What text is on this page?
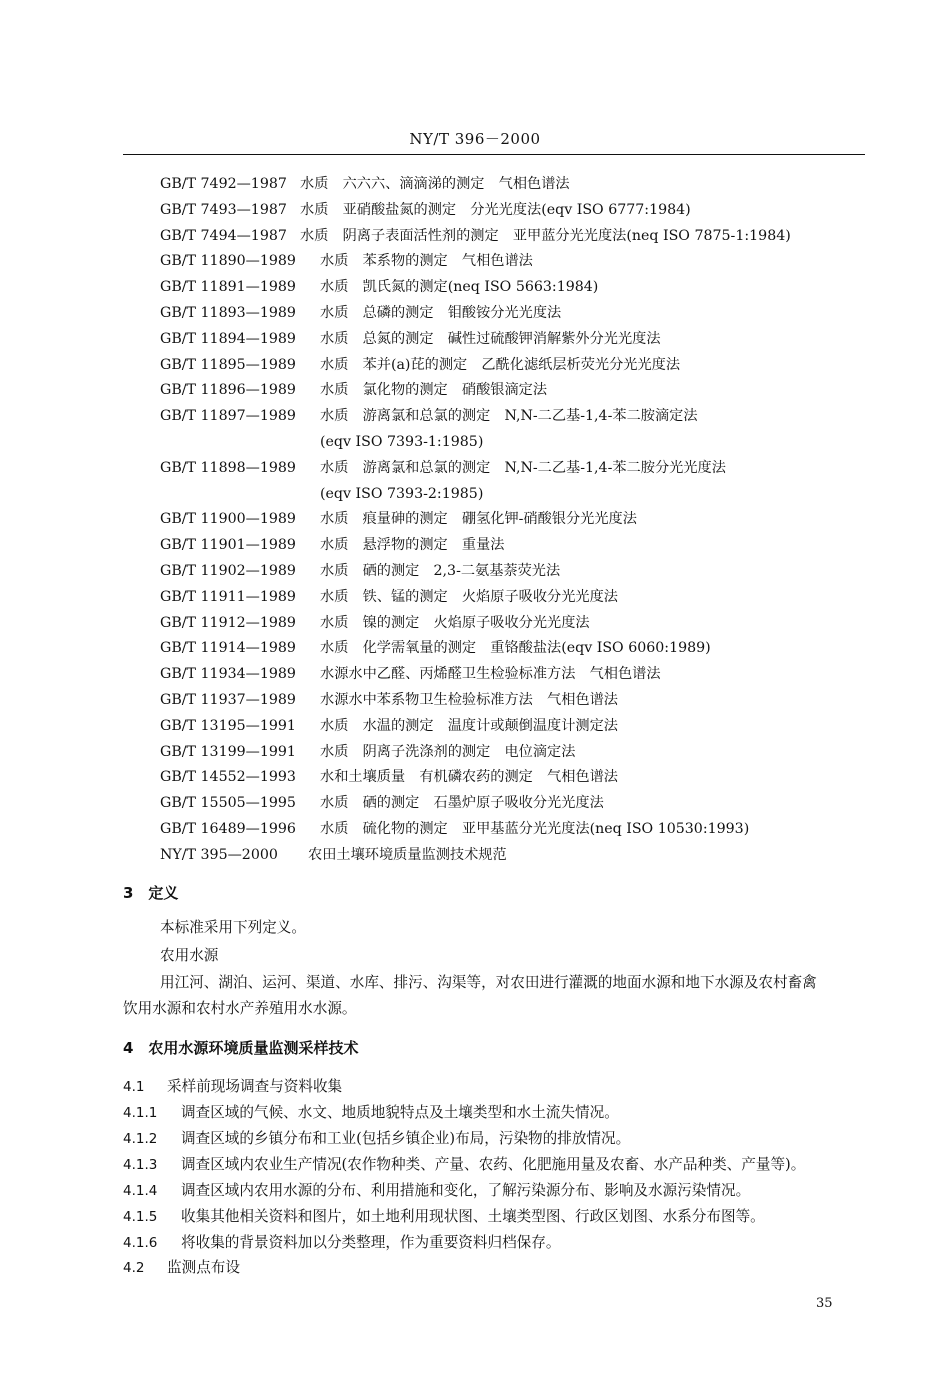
NY/T 396－2000
GB/T 7492—1987 水质　六六六、滴滴涕的测定　气相色谱法
GB/T 7493—1987 水质　亚硝酸盐氮的测定　分光光度法(eqv ISO 6777:1984)
GB/T 7494—1987 水质　阴离子表面活性剂的测定　亚甲蓝分光光度法(neq ISO 7875-1:1984)
GB/T 11890—1989 水质　苯系物的测定　气相色谱法
GB/T 11891—1989 水质　凯氏氮的测定(neq ISO 5663:1984)
GB/T 11893—1989 水质　总磷的测定　钼酸铵分光光度法
GB/T 11894—1989 水质　总氮的测定　碱性过硫酸钾消解紫外分光光度法
GB/T 11895—1989 水质　苯并(a)芘的测定　乙酰化滤纸层析荧光分光光度法
GB/T 11896—1989 水质　氯化物的测定　硝酸银滴定法
GB/T 11897—1989 水质　游离氯和总氯的测定　N,N-二乙基-1,4-苯二胺滴定法
(eqv ISO 7393-1:1985)
GB/T 11898—1989 水质　游离氯和总氯的测定　N,N-二乙基-1,4-苯二胺分光光度法
(eqv ISO 7393-2:1985)
GB/T 11900—1989 水质　痕量砷的测定　硼氢化钾-硝酸银分光光度法
GB/T 11901—1989 水质　悬浮物的测定　重量法
GB/T 11902—1989 水质　硒的测定　2,3-二氨基萘荧光法
GB/T 11911—1989 水质　铁、锰的测定　火焰原子吸收分光光度法
GB/T 11912—1989 水质　镍的测定　火焰原子吸收分光光度法
GB/T 11914—1989 水质　化学需氧量的测定　重铬酸盐法(eqv ISO 6060:1989)
GB/T 11934—1989 水源水中乙醛、丙烯醛卫生检验标准方法　气相色谱法
GB/T 11937—1989 水源水中苯系物卫生检验标准方法　气相色谱法
GB/T 13195—1991 水质　水温的测定　温度计或颠倒温度计测定法
GB/T 13199—1991 水质　阴离子洗涤剂的测定　电位滴定法
GB/T 14552—1993 水和土壤质量　有机磷农药的测定　气相色谱法
GB/T 15505—1995 水质　硒的测定　石墨炉原子吸收分光光度法
GB/T 16489—1996 水质　硫化物的测定　亚甲基蓝分光光度法(neq ISO 10530:1993)
NY/T 395—2000 农田土壤环境质量监测技术规范
3　定义
本标准采用下列定义。
农用水源
用江河、湖泊、运河、渠道、水库、排污、沟渠等，对农田进行灌溉的地面水源和地下水源及农村畜禽
饮用水源和农村水产养殖用水水源。
4　农用水源环境质量监测采样技术
4.1 采样前现场调查与资料收集
4.1.1 调查区域的气候、水文、地质地貌特点及土壤类型和水土流失情况。
4.1.2 调查区域的乡镇分布和工业(包括乡镇企业)布局，污染物的排放情况。
4.1.3 调查区域内农业生产情况(农作物种类、产量、农药、化肥施用量及农畜、水产品种类、产量等)。
4.1.4 调查区域内农用水源的分布、利用措施和变化，了解污染源分布、影响及水源污染情况。
4.1.5 收集其他相关资料和图片，如土地利用现状图、土壤类型图、行政区划图、水系分布图等。
4.1.6 将收集的背景资料加以分类整理，作为重要资料归档保存。
4.2 监测点布设
35
